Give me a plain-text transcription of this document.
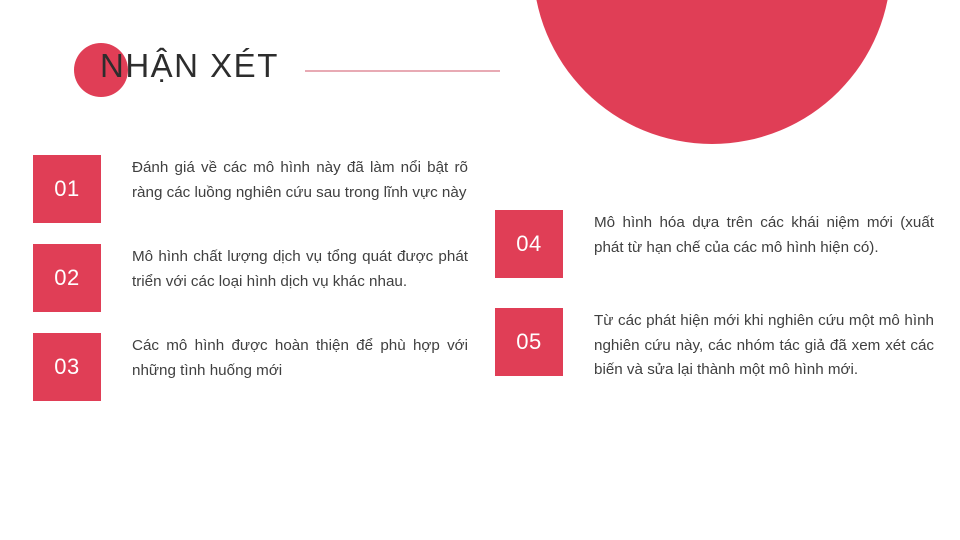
NHẬN XÉT
01
Đánh giá về các mô hình này đã làm nổi bật rõ ràng các luồng nghiên cứu sau trong lĩnh vực này
02
Mô hình chất lượng dịch vụ tổng quát được phát triển với các loại hình dịch vụ khác nhau.
03
Các mô hình được hoàn thiện để phù hợp với những tình huống mới
04
Mô hình hóa dựa trên các khái niệm mới (xuất phát từ hạn chế của các mô hình hiện có).
05
Từ các phát hiện mới khi nghiên cứu một mô hình nghiên cứu này, các nhóm tác giả đã xem xét các biến và sửa lại thành một mô hình mới.
